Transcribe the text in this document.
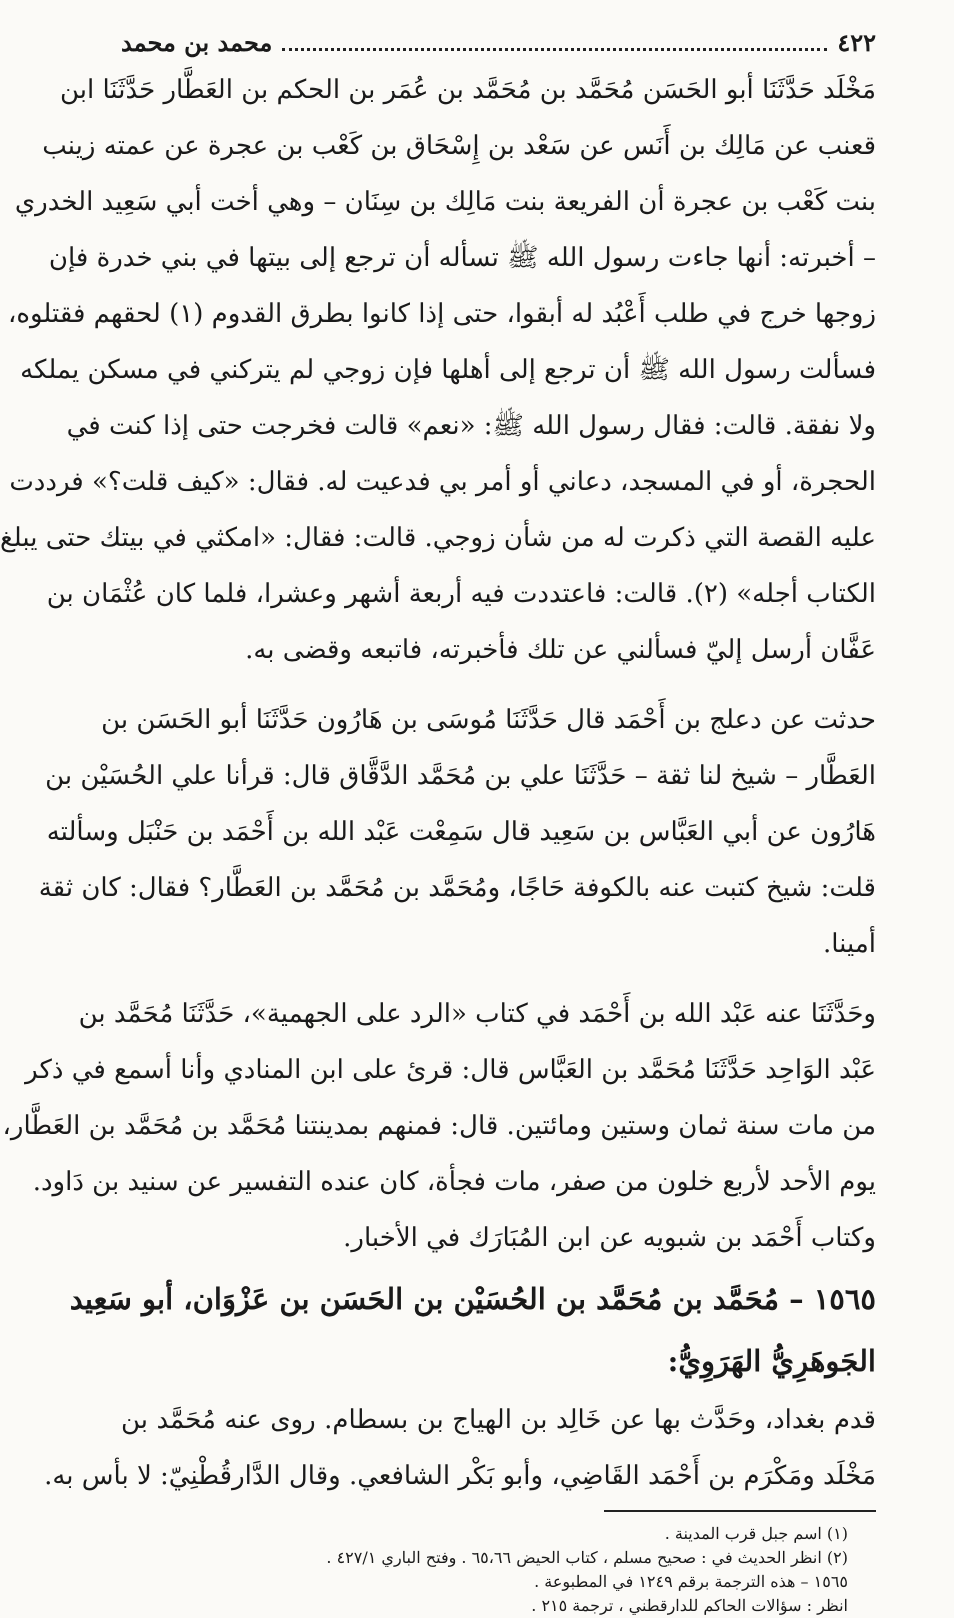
٤٢٢
محمد بن محمد
مَخْلَد حَدَّثَنَا أبو الحَسَن مُحَمَّد بن مُحَمَّد بن عُمَر بن الحكم بن العَطَّار حَدَّثَنَا ابن
قعنب عن مَالِك بن أَنَس عن سَعْد بن إِسْحَاق بن كَعْب بن عجرة عن عمته زينب
بنت كَعْب بن عجرة أن الفريعة بنت مَالِك بن سِنَان – وهي أخت أبي سَعِيد الخدري
– أخبرته: أنها جاءت رسول الله ﷺ تسأله أن ترجع إلى بيتها في بني خدرة فإن
زوجها خرج في طلب أَعْبُد له أبقوا، حتى إذا كانوا بطرق القدوم (١) لحقهم فقتلوه،
فسألت رسول الله ﷺ أن ترجع إلى أهلها فإن زوجي لم يتركني في مسكن يملكه
ولا نفقة. قالت: فقال رسول الله ﷺ: «نعم» قالت فخرجت حتى إذا كنت في
الحجرة، أو في المسجد، دعاني أو أمر بي فدعيت له. فقال: «كيف قلت؟» فرددت
عليه القصة التي ذكرت له من شأن زوجي. قالت: فقال: «امكثي في بيتك حتى يبلغ
الكتاب أجله» (٢). قالت: فاعتددت فيه أربعة أشهر وعشرا، فلما كان عُثْمَان بن
عَفَّان أرسل إليّ فسألني عن تلك فأخبرته، فاتبعه وقضى به.
حدثت عن دعلج بن أَحْمَد قال حَدَّثَنَا مُوسَى بن هَارُون حَدَّثَنَا أبو الحَسَن بن
العَطَّار – شيخ لنا ثقة – حَدَّثَنَا علي بن مُحَمَّد الدَّقَّاق قال: قرأنا علي الحُسَيْن بن
هَارُون عن أبي العَبَّاس بن سَعِيد قال سَمِعْت عَبْد الله بن أَحْمَد بن حَنْبَل وسألته
قلت: شيخ كتبت عنه بالكوفة حَاجًا، ومُحَمَّد بن مُحَمَّد بن العَطَّار؟ فقال: كان ثقة
أمينا.
وحَدَّثَنَا عنه عَبْد الله بن أَحْمَد في كتاب «الرد على الجهمية»، حَدَّثَنَا مُحَمَّد بن
عَبْد الوَاحِد حَدَّثَنَا مُحَمَّد بن العَبَّاس قال: قرئ على ابن المنادي وأنا أسمع في ذكر
من مات سنة ثمان وستين ومائتين. قال: فمنهم بمدينتنا مُحَمَّد بن مُحَمَّد بن العَطَّار،
يوم الأحد لأربع خلون من صفر، مات فجأة، كان عنده التفسير عن سنيد بن دَاود.
وكتاب أَحْمَد بن شبويه عن ابن المُبَارَك في الأخبار.
١٥٦٥ – مُحَمَّد بن مُحَمَّد بن الحُسَيْن بن الحَسَن بن عَزْوَان، أبو سَعِيد
الجَوهَرِيُّ الهَرَوِيُّ:
قدم بغداد، وحَدَّث بها عن خَالِد بن الهياج بن بسطام. روى عنه مُحَمَّد بن
مَخْلَد ومَكْرَم بن أَحْمَد القَاضِي، وأبو بَكْر الشافعي. وقال الدَّارقُطْنِيّ: لا بأس به.
(١) اسم جبل قرب المدينة .
(٢) انظر الحديث في : صحيح مسلم ، كتاب الحيض ٦٥،٦٦ . وفتح الباري ٤٢٧/١ .
١٥٦٥ – هذه الترجمة برقم ١٢٤٩ في المطبوعة .
انظر : سؤالات الحاكم للدارقطني ، ترجمة ٢١٥ .
